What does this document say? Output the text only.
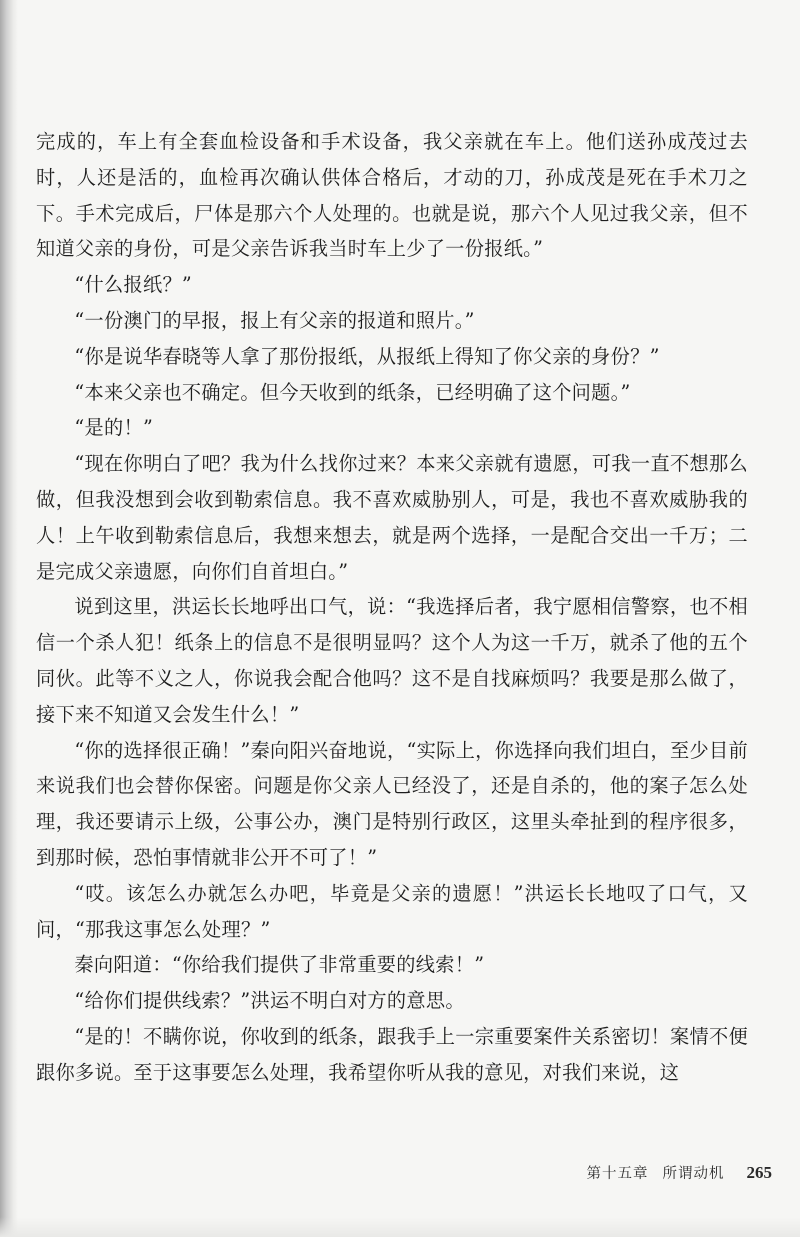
完成的，车上有全套血检设备和手术设备，我父亲就在车上。他们送孙成茂过去时，人还是活的，血检再次确认供体合格后，才动的刀，孙成茂是死在手术刀之下。手术完成后，尸体是那六个人处理的。也就是说，那六个人见过我父亲，但不知道父亲的身份，可是父亲告诉我当时车上少了一份报纸。”

“什么报纸？”

“一份澳门的早报，报上有父亲的报道和照片。”

“你是说华春晓等人拿了那份报纸，从报纸上得知了你父亲的身份？”

“本来父亲也不确定。但今天收到的纸条，已经明确了这个问题。”

“是的！”

“现在你明白了吧？我为什么找你过来？本来父亲就有遗愿，可我一直不想那么做，但我没想到会收到勒索信息。我不喜欢威胁别人，可是，我也不喜欢威胁我的人！上午收到勒索信息后，我想来想去，就是两个选择，一是配合交出一千万；二是完成父亲遗愿，向你们自首坦白。”

说到这里，洪运长长地呼出口气，说：“我选择后者，我宁愿相信警察，也不相信一个杀人犯！纸条上的信息不是很明显吗？这个人为这一千万，就杀了他的五个同伙。此等不义之人，你说我会配合他吗？这不是自找麻烦吗？我要是那么做了，接下来不知道又会发生什么！”

“你的选择很正确！”秦向阳兴奋地说，“实际上，你选择向我们坦白，至少目前来说我们也会替你保密。问题是你父亲人已经没了，还是自杀的，他的案子怎么处理，我还要请示上级，公事公办，澳门是特别行政区，这里头牵扯到的程序很多，到那时候，恐怕事情就非公开不可了！”

“哎。该怎么办就怎么办吧，毕竟是父亲的遗愿！”洪运长长地叹了口气，又问，“那我这事怎么处理？”

秦向阳道：“你给我们提供了非常重要的线索！”

“给你们提供线索？”洪运不明白对方的意思。

“是的！不瞒你说，你收到的纸条，跟我手上一宗重要案件关系密切！案情不便跟你多说。至于这事要怎么处理，我希望你听从我的意见，对我们来说，这

第十五章 所谓动机 265
